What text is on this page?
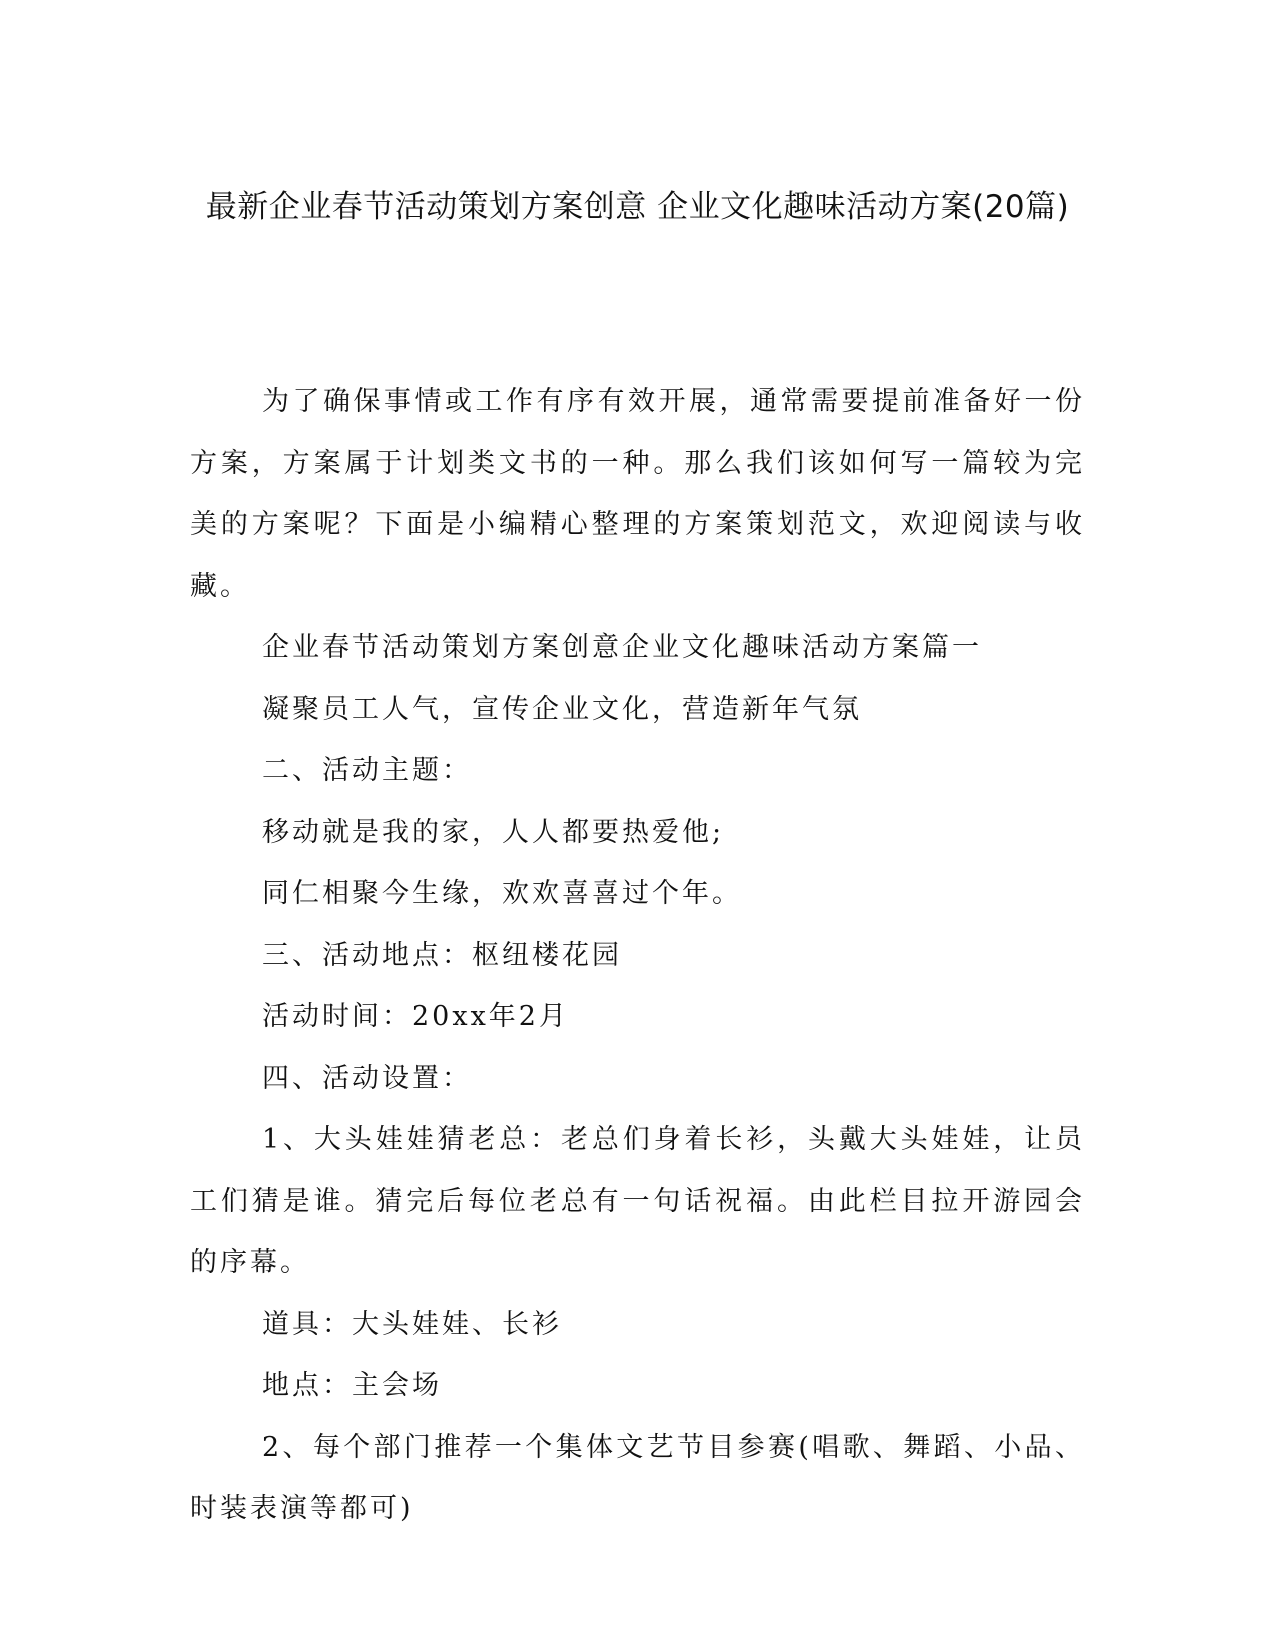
最新企业春节活动策划方案创意 企业文化趣味活动方案(20篇)

为了确保事情或工作有序有效开展，通常需要提前准备好一份方案，方案属于计划类文书的一种。那么我们该如何写一篇较为完美的方案呢？下面是小编精心整理的方案策划范文，欢迎阅读与收藏。

企业春节活动策划方案创意企业文化趣味活动方案篇一

凝聚员工人气，宣传企业文化，营造新年气氛

二、活动主题：

移动就是我的家，人人都要热爱他;

同仁相聚今生缘，欢欢喜喜过个年。

三、活动地点：枢纽楼花园

活动时间：20xx年2月

四、活动设置：

1、大头娃娃猜老总：老总们身着长衫，头戴大头娃娃，让员工们猜是谁。猜完后每位老总有一句话祝福。由此栏目拉开游园会的序幕。

道具：大头娃娃、长衫

地点：主会场

2、每个部门推荐一个集体文艺节目参赛(唱歌、舞蹈、小品、时装表演等都可)
